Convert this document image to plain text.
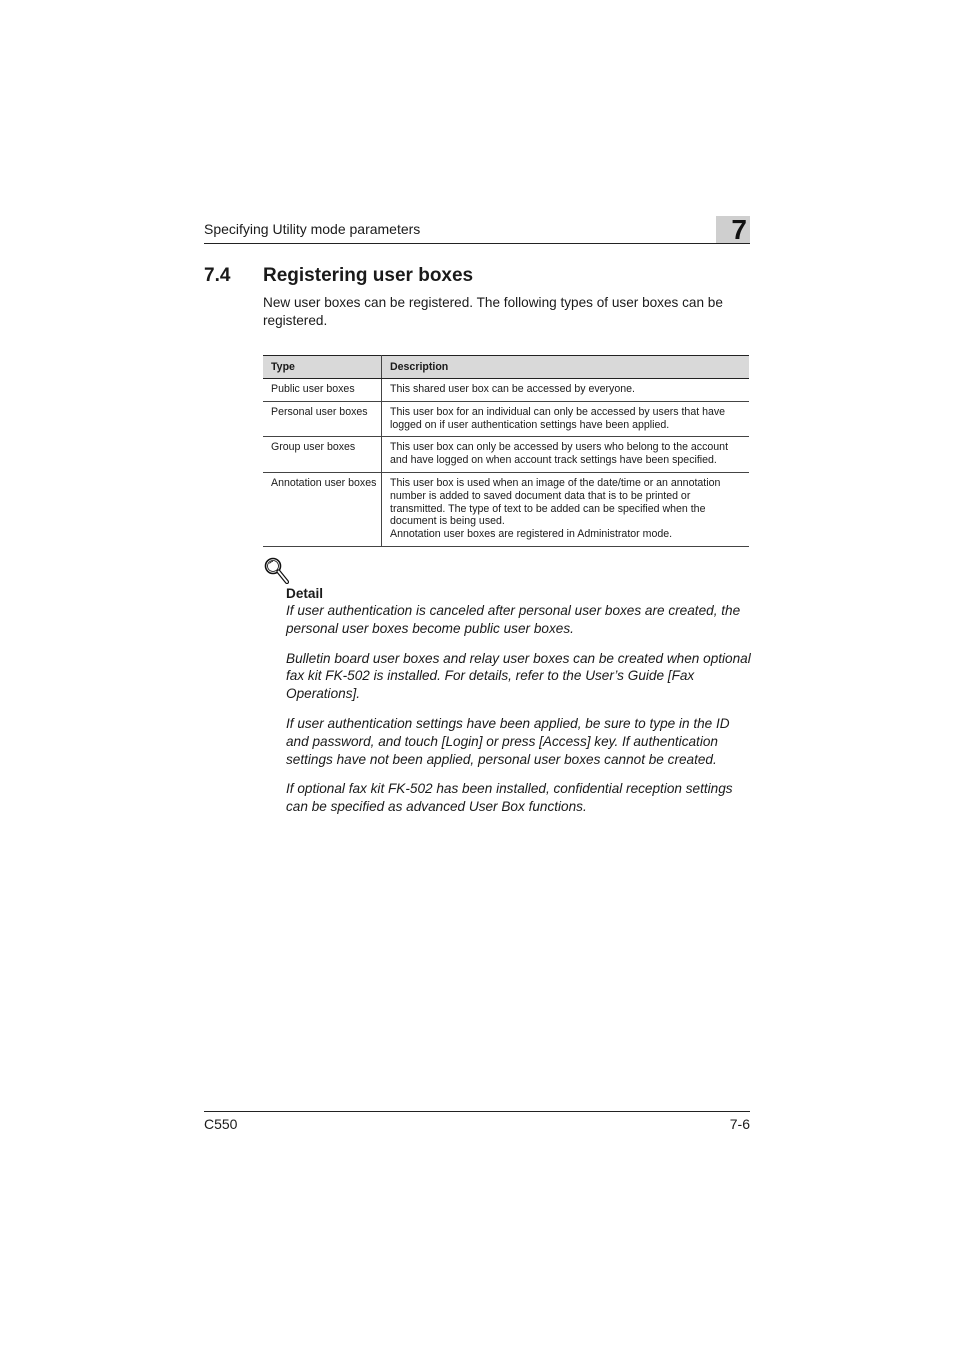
Specifying Utility mode parameters	7
7.4 Registering user boxes
New user boxes can be registered. The following types of user boxes can be registered.
Type	Description
Public user boxes	This shared user box can be accessed by everyone.
Personal user boxes	This user box for an individual can only be accessed by users that have logged on if user authentication settings have been applied.
Group user boxes	This user box can only be accessed by users who belong to the account and have logged on when account track settings have been specified.
Annotation user boxes	This user box is used when an image of the date/time or an annotation number is added to saved document data that is to be printed or transmitted. The type of text to be added can be specified when the document is being used.
Annotation user boxes are registered in Administrator mode.
Detail

If user authentication is canceled after personal user boxes are created, the personal user boxes become public user boxes.

Bulletin board user boxes and relay user boxes can be created when optional fax kit FK-502 is installed. For details, refer to the User’s Guide [Fax Operations].

If user authentication settings have been applied, be sure to type in the ID and password, and touch [Login] or press [Access] key. If authentication settings have not been applied, personal user boxes cannot be created.

If optional fax kit FK-502 has been installed, confidential reception settings can be specified as advanced User Box functions.

C550	7-6
